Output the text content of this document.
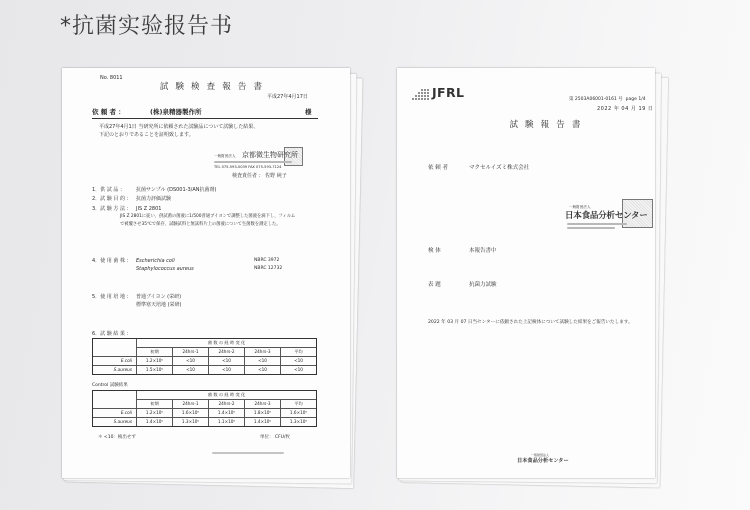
*抗菌实验报告书
No. 8011
試 験 検 査 報 告 書
平成27年4月17日
依 頼 者 ：	(株)泉精器製作所	様
平成27年4月1日 当研究所に依頼された試験品について試験した結果、
下記のとおりであることを証明致します。
一般財団法人 京都微生物研究所
TEL 075-593-0039 FAX 075-593-7124
検査責任者 ： 佐野 純子
1．供 試 品 ： 抗菌サンプル (DS001-3/AN抗菌剤)
2．試 験 目 的 ： 抗菌力評価試験
3．試 験 方 法 ： JIS Z 2801
JIS Z 2801に従い、供試菌の菌液に1/500普通ブイヨンで調整した菌液を滴下し、フィルム
で被覆させ35℃で保存、試験試料と無試料片上の菌液について生菌数を測定した。
4．使 用 菌 株 ： Escherichia coli	NBRC 3972
Staphylococcus aureus	NBRC 12732
5．使 用 培 地 ： 普通ブイヨン (栄研)
標準寒天培地 (栄研)
6．試 験 結 果 ：
	菌 数 の 経 時 変 化				
	初期	24hrs-1	24hrs-2	24hrs-3	平均
E.coli	1.2×10⁵	<10	<10	<10	<10
S.aureus	1.5×10⁵	<10	<10	<10	<10
Control 試験結果
	菌 数 の 経 時 変 化				
	初期	24hrs-1	24hrs-2	24hrs-3	平均
E.coli	1.2×10⁵	1.6×10⁶	1.4×10⁶	1.8×10⁶	1.6×10⁶
S.aureus	1.4×10⁵	1.3×10⁶	1.1×10⁶	1.4×10⁶	1.3×10⁶
＊ <10：検出せず	単位： CFU/枚
JFRL	第 2503A06001-0161 号 page 1/4
2022 年 04 月 19 日
試 験 報 告 書
依 頼 者	マクセルイズミ株式会社
一般財団法人
日本食品分析センター
検 体	本報告書中
表 題	抗菌力試験
2022 年 03 月 07 日当センターに依頼された上記検体について試験した結果をご報告いたします。
一般財団法人
日本食品分析センター
